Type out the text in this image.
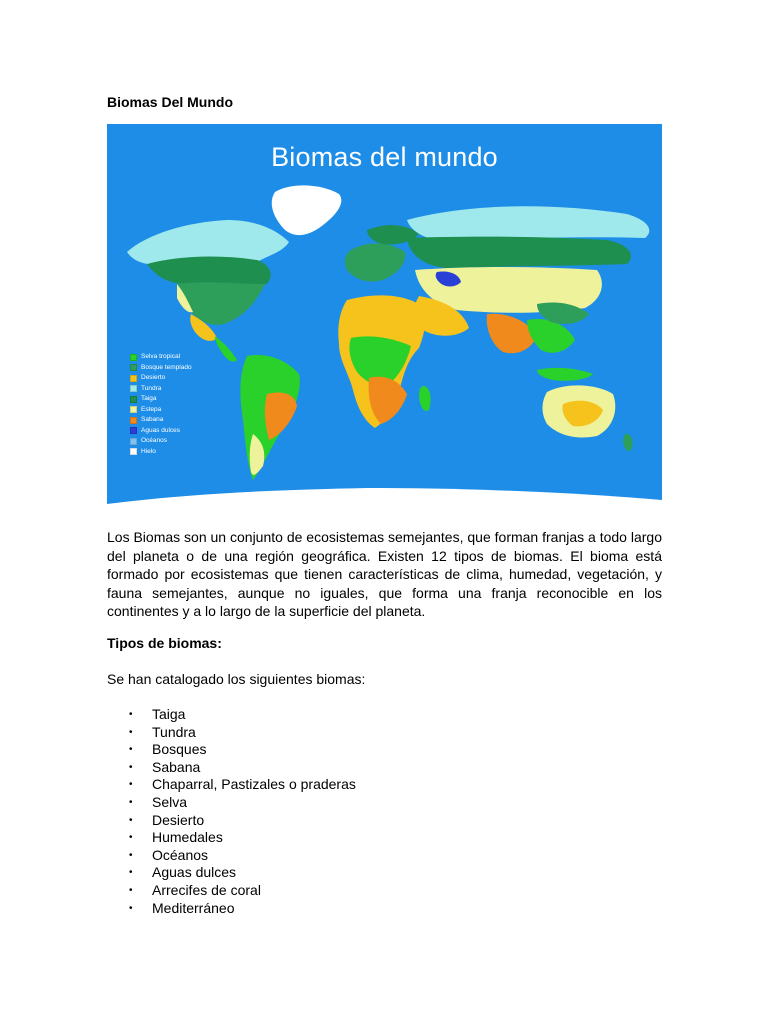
Biomas Del Mundo
Biomas del mundo
Selva tropical
Bosque templado
Desierto
Tundra
Taiga
Estepa
Sabana
Aguas dulces
Océanos
Hielo

Los Biomas son un conjunto de ecosistemas semejantes, que forman franjas a todo largo del planeta o de una región geográfica. Existen 12 tipos de biomas. El bioma está formado por ecosistemas que tienen características de clima, humedad, vegetación, y fauna semejantes, aunque no iguales, que forma una franja reconocible en los continentes y a lo largo de la superficie del planeta.

Tipos de biomas:

Se han catalogado los siguientes biomas:

• Taiga
• Tundra
• Bosques
• Sabana
• Chaparral, Pastizales o praderas
• Selva
• Desierto
• Humedales
• Océanos
• Aguas dulces
• Arrecifes de coral
• Mediterráneo
